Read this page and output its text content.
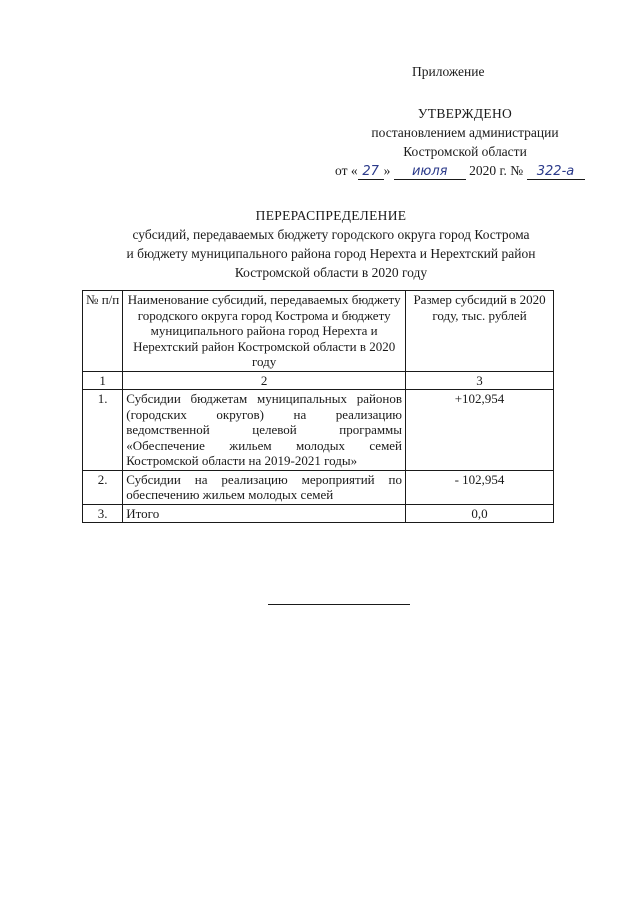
Приложение
УТВЕРЖДЕНО
постановлением администрации
Костромской области
от « 27 » июля 2020 г. № 322-а
ПЕРЕРАСПРЕДЕЛЕНИЕ
субсидий, передаваемых бюджету городского округа город Кострома
и бюджету муниципального района город Нерехта и Нерехтский район
Костромской области в 2020 году
№ п/п	Наименование субсидий, передаваемых бюджету городского округа город Кострома и бюджету муниципального района город Нерехта и Нерехтский район Костромской области в 2020 году	Размер субсидий в 2020 году, тыс. рублей
1	2	3
1.	Субсидии бюджетам муниципальных районов (городских округов) на реализацию ведомственной целевой программы «Обеспечение жильем молодых семей Костромской области на 2019-2021 годы»	+102,954
2.	Субсидии на реализацию мероприятий по обеспечению жильем молодых семей	- 102,954
3.	Итого	0,0
